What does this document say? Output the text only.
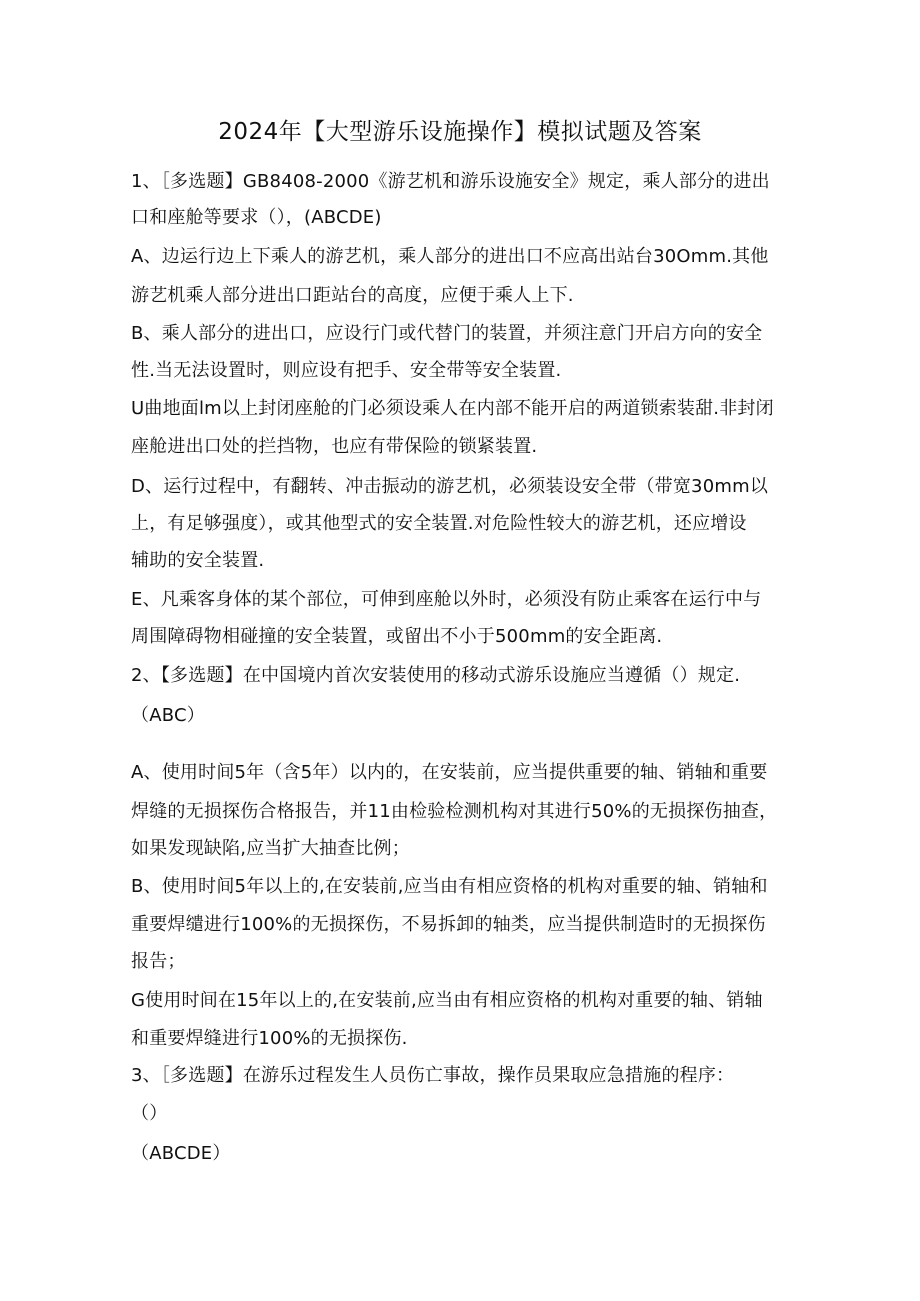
2024年【大型游乐设施操作】模拟试题及答案
1、［多选题】GB8408-2000《游艺机和游乐设施安全》规定，乘人部分的进出
口和座舱等要求（），(ABCDE)
A、边运行边上下乘人的游艺机，乘人部分的进出口不应高出站台30Omm.其他
游艺机乘人部分进出口距站台的高度，应便于乘人上下.
B、乘人部分的进出口，应设行门或代替门的装置，并须注意门开启方向的安全
性.当无法设置时，则应设有把手、安全带等安全装置.
U曲地面lm以上封闭座舱的门必须设乘人在内部不能开启的两道锁索装甜.非封闭
座舱进出口处的拦挡物，也应有带保险的锁紧装置.
D、运行过程中，有翻转、冲击振动的游艺机，必须装设安全带（带宽30mm以
上，有足够强度），或其他型式的安全装置.对危险性较大的游艺机，还应增设
辅助的安全装置.
E、凡乘客身体的某个部位，可伸到座舱以外时，必须没有防止乘客在运行中与
周围障碍物相碰撞的安全装置，或留出不小于500mm的安全距离.
2、【多选题】在中国境内首次安装使用的移动式游乐设施应当遵循（）规定.
（ABC）
A、使用时间5年（含5年）以内的，在安装前，应当提供重要的轴、销轴和重要
焊缝的无损探伤合格报告，并11由检验检测机构对其进行50%的无损探伤抽查，
如果发现缺陷,应当扩大抽查比例；
B、使用时间5年以上的,在安装前,应当由有相应资格的机构对重要的轴、销轴和
重要焊缱进行100%的无损探伤，不易拆卸的轴类，应当提供制造时的无损探伤
报告；
G使用时间在15年以上的,在安装前,应当由有相应资格的机构对重要的轴、销轴
和重要焊缝进行100%的无损探伤.
3、［多选题】在游乐过程发生人员伤亡事故，操作员果取应急措施的程序：
（）
（ABCDE）
